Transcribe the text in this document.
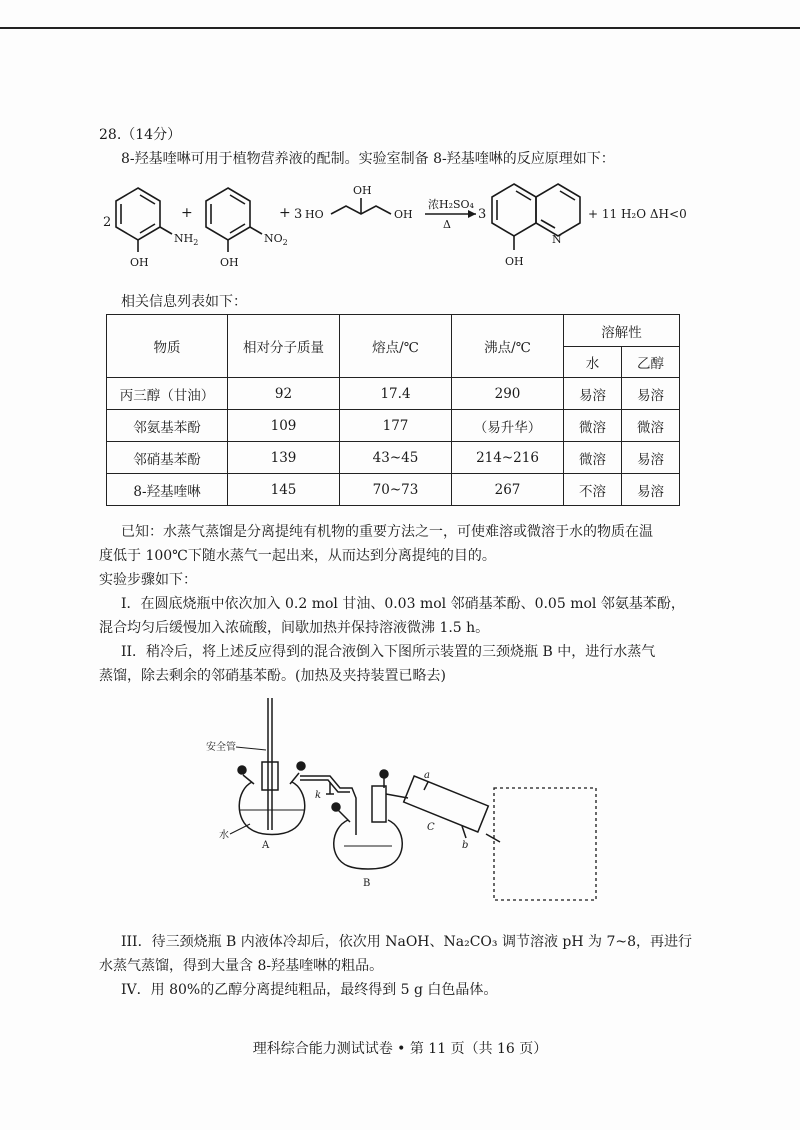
28.（14分）
8-羟基喹啉可用于植物营养液的配制。实验室制备 8-羟基喹啉的反应原理如下：
2
$NH_2$
OH
+
$NO_2$
OH
+ 3 HO
OH
OH
浓H₂SO₄
Δ
3
N
OH
+ 11 H₂O ΔH<0
相关信息列表如下：
物质	相对分子质量	熔点/℃	沸点/℃	溶解性	
				水	乙醇
丙三醇（甘油）	92	17.4	290	易溶	易溶
邻氨基苯酚	109	177	（易升华）	微溶	微溶
邻硝基苯酚	139	43~45	214~216	微溶	易溶
8-羟基喹啉	145	70~73	267	不溶	易溶
已知：水蒸气蒸馏是分离提纯有机物的重要方法之一，可使难溶或微溶于水的物质在温
度低于 100℃下随水蒸气一起出来，从而达到分离提纯的目的。
实验步骤如下：
I．在圆底烧瓶中依次加入 0.2 mol 甘油、0.03 mol 邻硝基苯酚、0.05 mol 邻氨基苯酚，
混合均匀后缓慢加入浓硫酸，间歇加热并保持溶液微沸 1.5 h。
II．稍冷后，将上述反应得到的混合液倒入下图所示装置的三颈烧瓶 B 中，进行水蒸气
蒸馏，除去剩余的邻硝基苯酚。(加热及夹持装置已略去)
安全管
水
A
B
k
C
a
b
III．待三颈烧瓶 B 内液体冷却后，依次用 NaOH、Na₂CO₃ 调节溶液 pH 为 7~8，再进行
水蒸气蒸馏，得到大量含 8-羟基喹啉的粗品。
IV．用 80%的乙醇分离提纯粗品，最终得到 5 g 白色晶体。
理科综合能力测试试卷 • 第 11 页（共 16 页）
